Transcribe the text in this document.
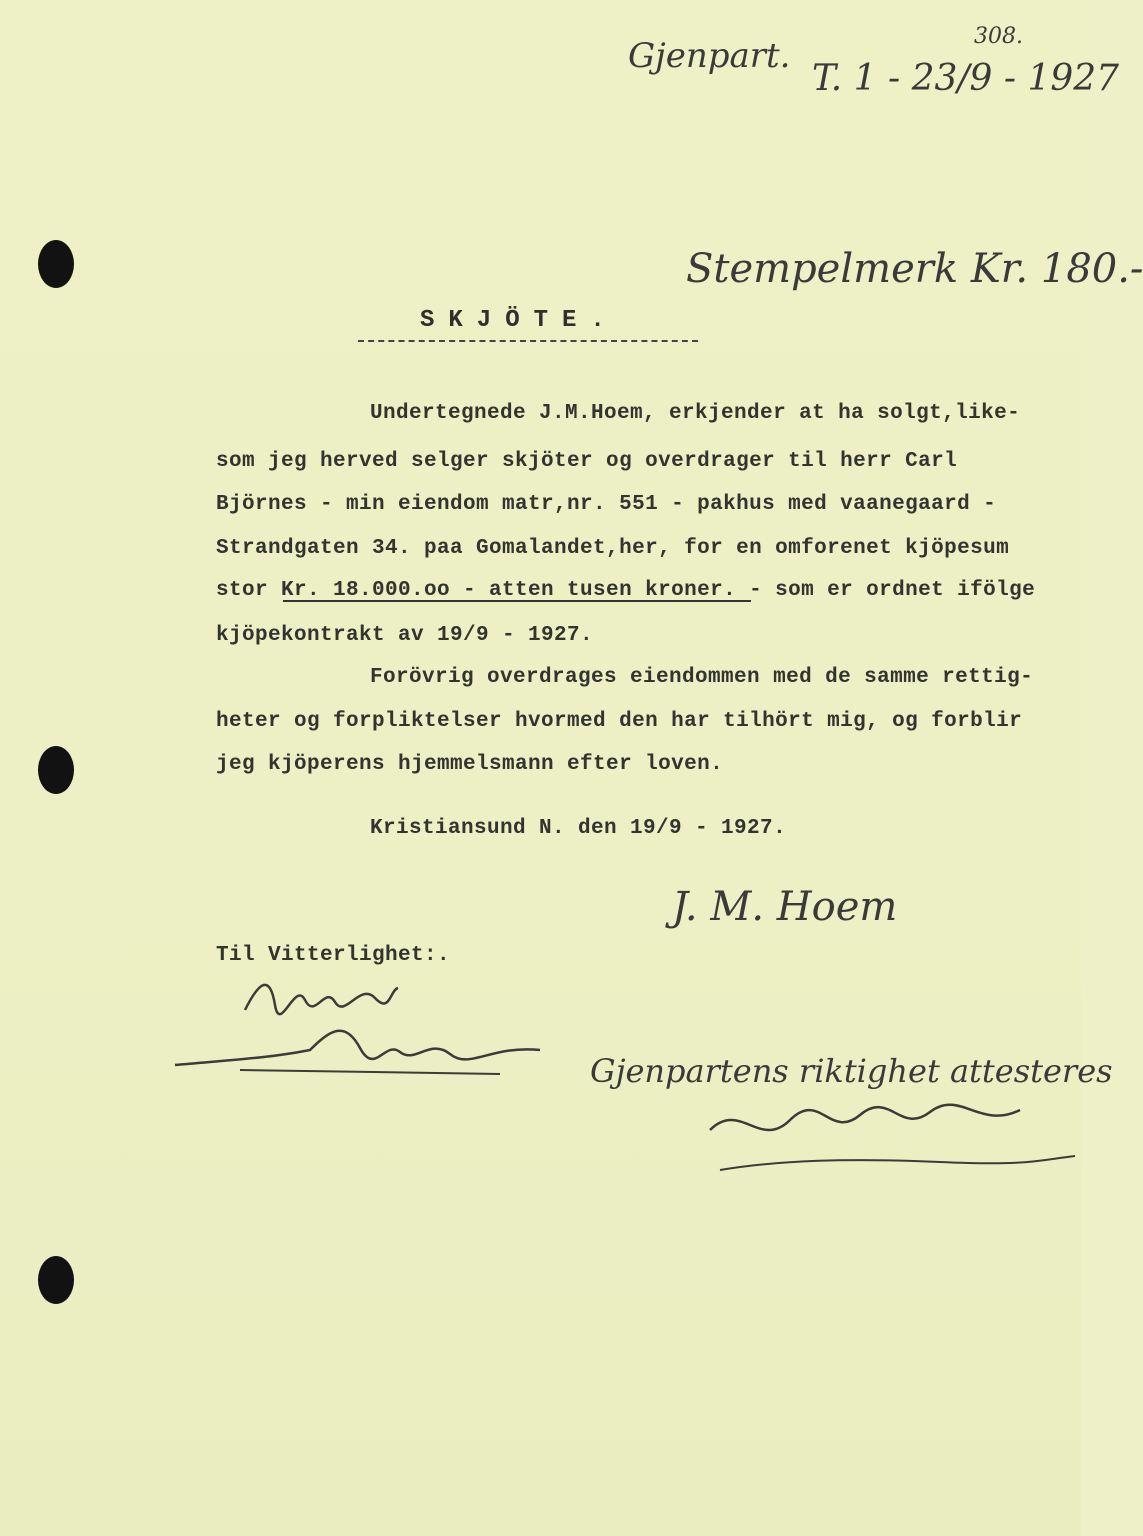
Gjenpart.
T. 1 - 23/9 - 1927
308.
Stempelmerk Kr. 180.-
SKJÖTE.
Undertegnede J.M.Hoem, erkjender at ha solgt,like-
som jeg herved selger skjöter og overdrager til herr Carl
Björnes - min eiendom matr,nr. 551 - pakhus med vaanegaard -
Strandgaten 34. paa Gomalandet,her, for en omforenet kjöpesum
stor Kr. 18.000.oo - atten tusen kroner. - som er ordnet ifölge
kjöpekontrakt av 19/9 - 1927.
Forövrig overdrages eiendommen med de samme rettig-
heter og forpliktelser hvormed den har tilhört mig, og forblir
jeg kjöperens hjemmelsmann efter loven.
Kristiansund N. den 19/9 - 1927.
J. M. Hoem
Til Vitterlighet:.
Gjenpartens riktighet attesteres
